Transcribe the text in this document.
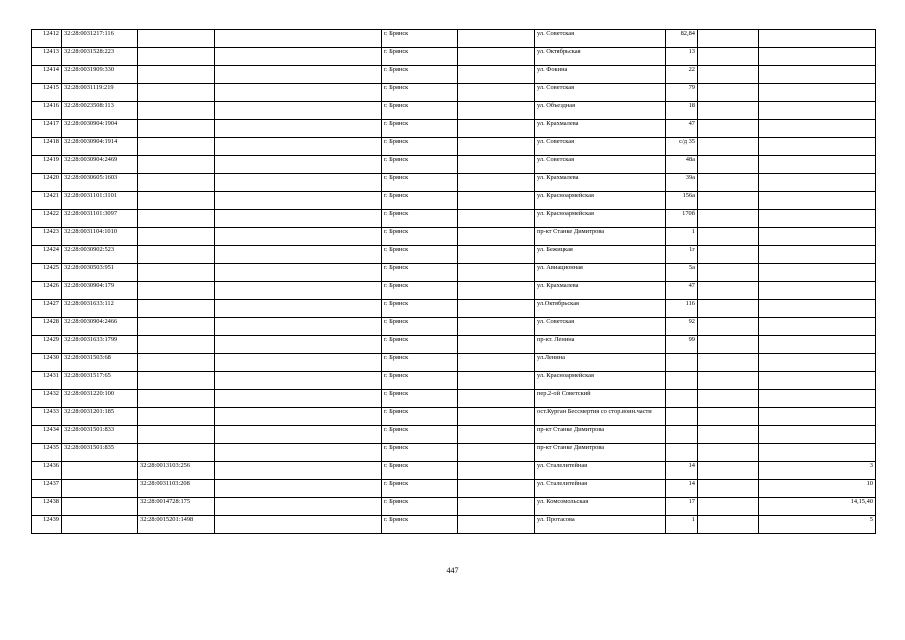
12412	32:28:0031217:116			г. Брянск		ул. Советская	82,84		
12413	32:28:0031528:223			г. Брянск		ул. Октябрьская	13		
12414	32:28:0031909:330			г. Брянск		ул. Фокина	22		
12415	32:28:0031119:219			г. Брянск		ул. Советская	79		
12416	32:28:0023508:113			г. Брянск		ул. Объездная	18		
12417	32:28:0030904:1904			г. Брянск		ул. Крахмалева	47		
12418	32:28:0030904:1914			г. Брянск		ул. Советская	с/д 35		
12419	32:28:0030904:2469			г. Брянск		ул. Советская	48а		
12420	32:28:0030605:1603			г. Брянск		ул. Крахмалева	39а		
12421	32:28:0031101:3101			г. Брянск		ул. Красноармейская	156а		
12422	32:28:0031101:3097			г. Брянск		ул. Красноармейская	170б		
12423	32:28:0031104:1010			г. Брянск		пр-кт Станке Димитрова	1		
12424	32:28:0030902:523			г. Брянск		ул. Бежицкая	1г		
12425	32:28:0030503:951			г. Брянск		ул. Авиационная	5а		
12426	32:28:0030904:179			г. Брянск		ул. Крахмалева	47		
12427	32:28:0031633:112			г. Брянск		ул.Октябрьская	116		
12428	32:28:0030904:2466			г. Брянск		ул. Советская	92		
12429	32:28:0031633:1799			г. Брянск		пр-кт. Ленина	99		
12430	32:28:0031503:68			г. Брянск		ул.Ленина			
12431	32:28:0031517:65			г. Брянск		ул. Красноармейская			
12432	32:28:0031220:100			г. Брянск		пер.2-ой Советский			
12433	32:28:0031201:185			г. Брянск		ост.Курган Бессмертия со стор.воин.части			
12434	32:28:0031501:833			г. Брянск		пр-кт Станке Димитрова			
12435	32:28:0031501:835			г. Брянск		пр-кт Станке Димитрова			
12436		32:28:0013103:256		г. Брянск		ул. Сталелитейная	14		3
12437		32:28:0031103:208		г. Брянск		ул. Сталелитейная	14		10
12438		32:28:0014728:175		г. Брянск		ул. Комсомольская	17		14,15,40
12439		32:28:0015201:1498		г. Брянск		ул. Протасова	1		5
447
